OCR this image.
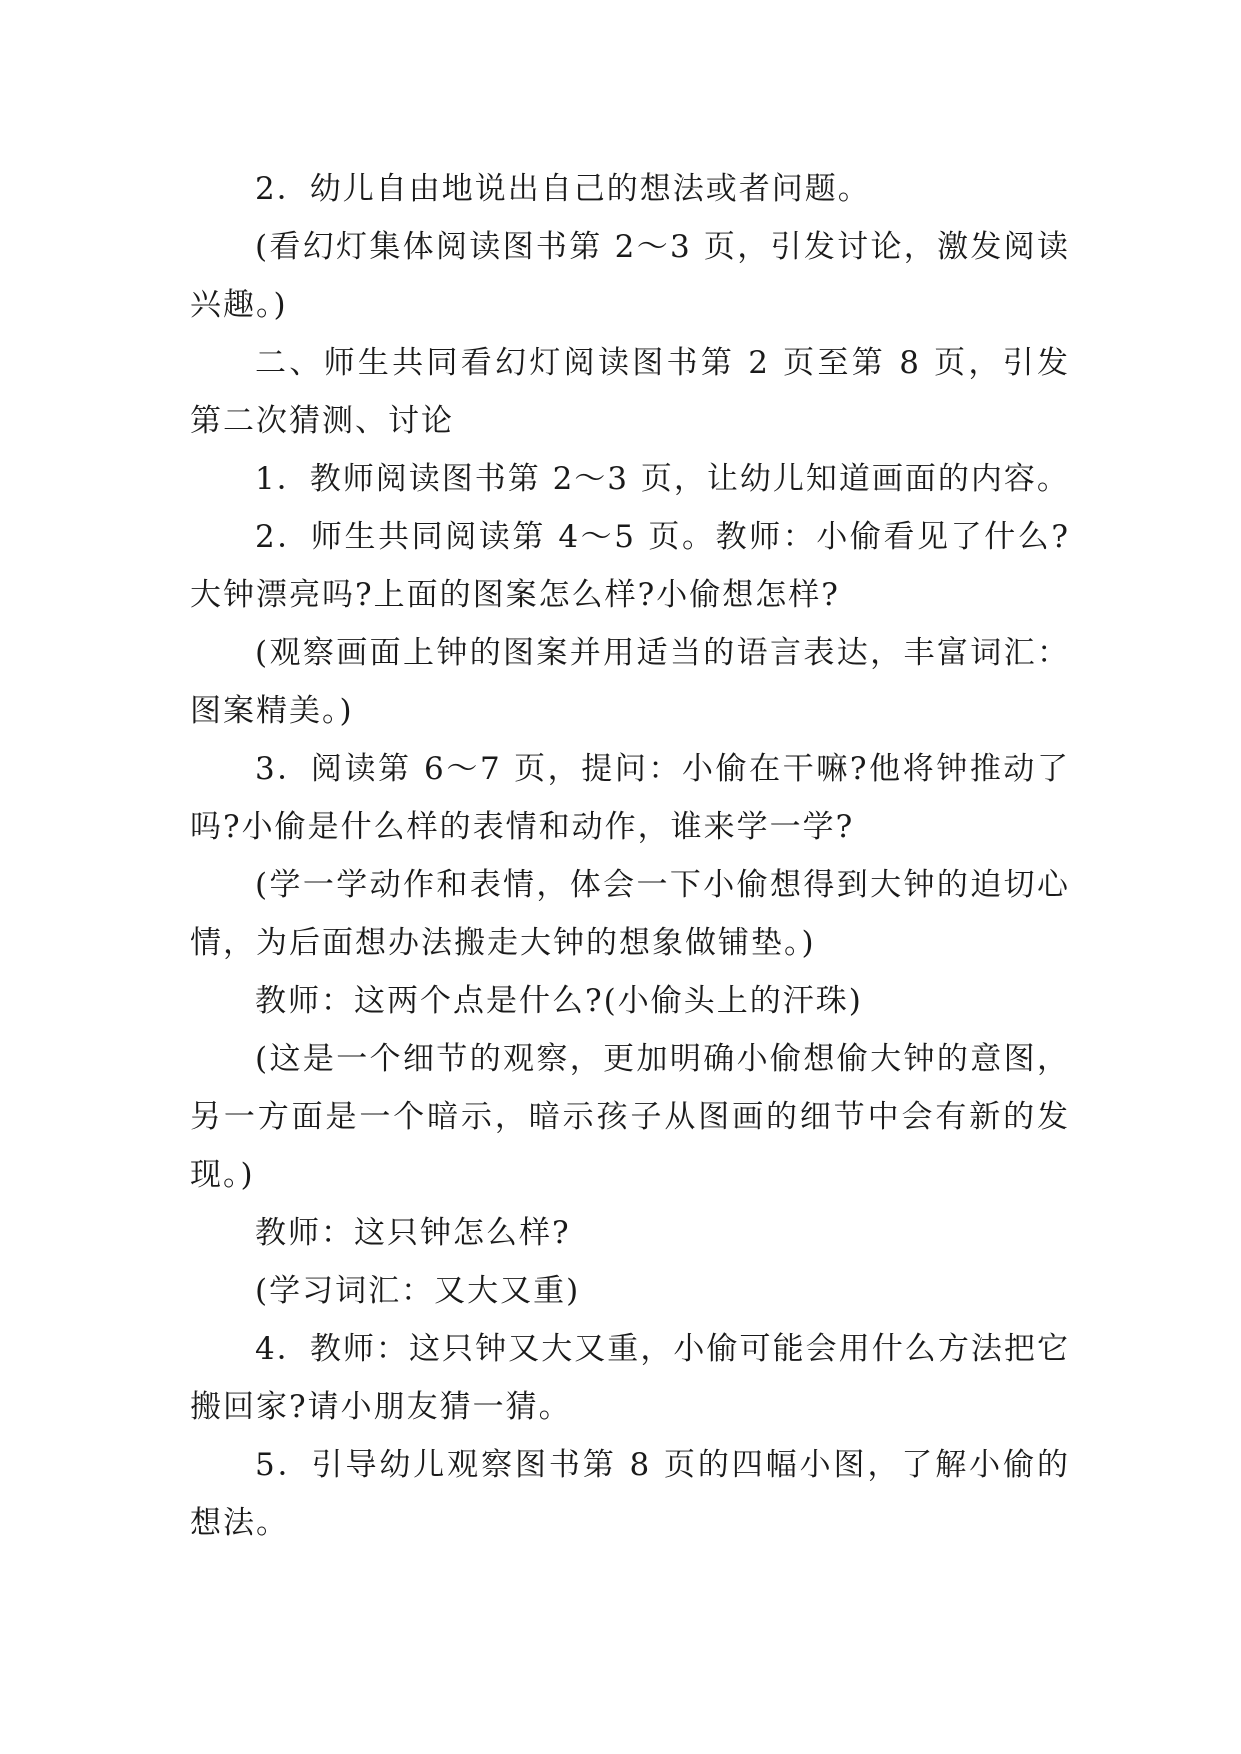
2．幼儿自由地说出自己的想法或者问题。

(看幻灯集体阅读图书第 2～3 页，引发讨论，激发阅读兴趣。)

二、师生共同看幻灯阅读图书第 2 页至第 8 页，引发第二次猜测、讨论

1．教师阅读图书第 2～3 页，让幼儿知道画面的内容。

2．师生共同阅读第 4～5 页。教师：小偷看见了什么?大钟漂亮吗?上面的图案怎么样?小偷想怎样?

(观察画面上钟的图案并用适当的语言表达，丰富词汇：图案精美。)

3．阅读第 6～7 页，提问：小偷在干嘛?他将钟推动了吗?小偷是什么样的表情和动作，谁来学一学?

(学一学动作和表情，体会一下小偷想得到大钟的迫切心情，为后面想办法搬走大钟的想象做铺垫。)

教师：这两个点是什么?(小偷头上的汗珠)

(这是一个细节的观察，更加明确小偷想偷大钟的意图，另一方面是一个暗示，暗示孩子从图画的细节中会有新的发现。)

教师：这只钟怎么样?

(学习词汇：又大又重)

4．教师：这只钟又大又重，小偷可能会用什么方法把它搬回家?请小朋友猜一猜。

5．引导幼儿观察图书第 8 页的四幅小图，了解小偷的想法。
